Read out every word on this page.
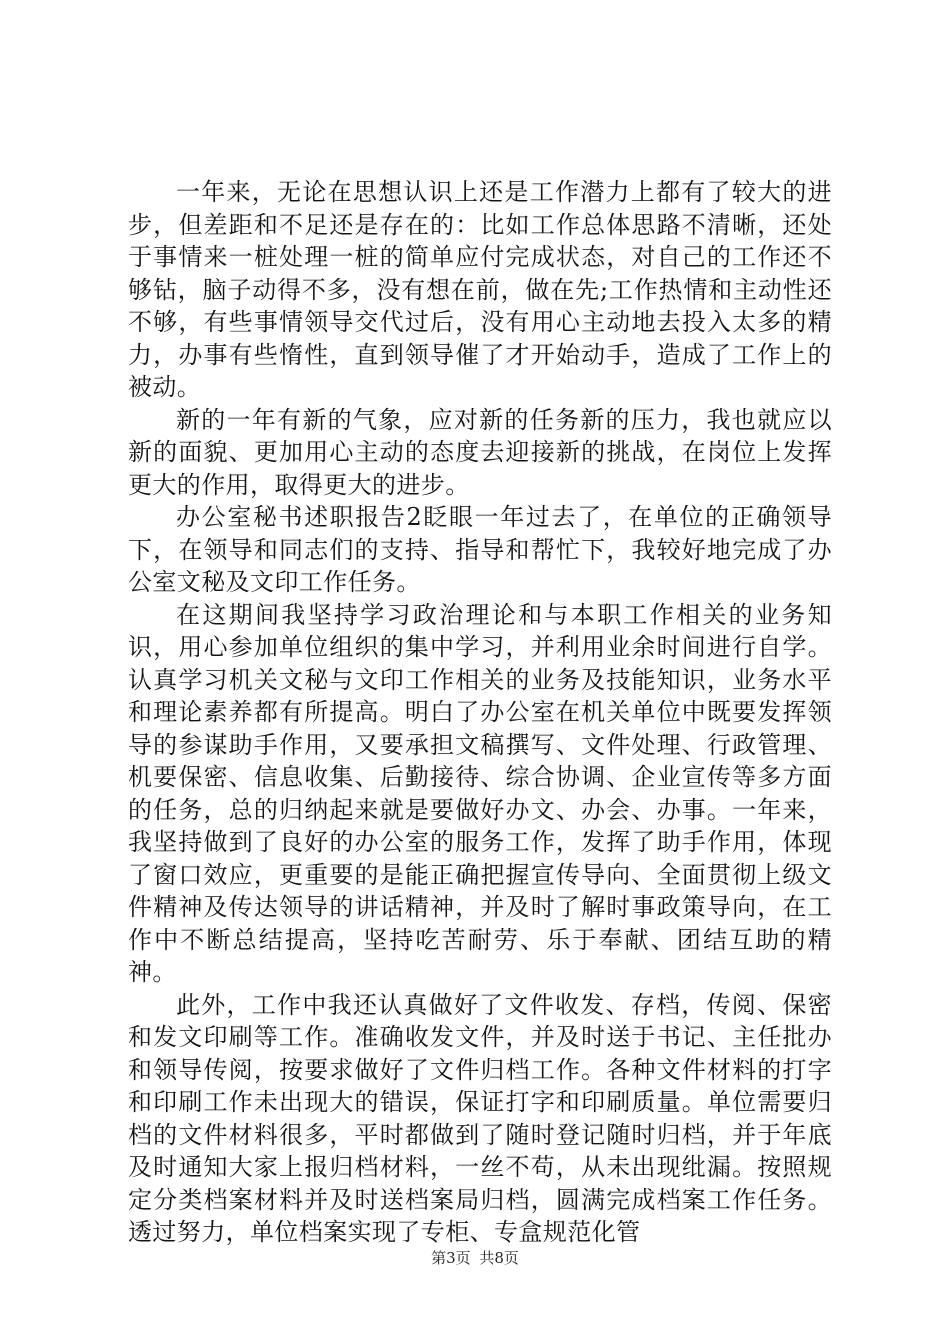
一年来，无论在思想认识上还是工作潜力上都有了较大的进步，但差距和不足还是存在的：比如工作总体思路不清晰，还处于事情来一桩处理一桩的简单应付完成状态，对自己的工作还不够钻，脑子动得不多，没有想在前，做在先;工作热情和主动性还不够，有些事情领导交代过后，没有用心主动地去投入太多的精力，办事有些惰性，直到领导催了才开始动手，造成了工作上的被动。

新的一年有新的气象，应对新的任务新的压力，我也就应以新的面貌、更加用心主动的态度去迎接新的挑战，在岗位上发挥更大的作用，取得更大的进步。

办公室秘书述职报告2眨眼一年过去了，在单位的正确领导下，在领导和同志们的支持、指导和帮忙下，我较好地完成了办公室文秘及文印工作任务。

在这期间我坚持学习政治理论和与本职工作相关的业务知识，用心参加单位组织的集中学习，并利用业余时间进行自学。认真学习机关文秘与文印工作相关的业务及技能知识，业务水平和理论素养都有所提高。明白了办公室在机关单位中既要发挥领导的参谋助手作用，又要承担文稿撰写、文件处理、行政管理、机要保密、信息收集、后勤接待、综合协调、企业宣传等多方面的任务，总的归纳起来就是要做好办文、办会、办事。一年来，我坚持做到了良好的办公室的服务工作，发挥了助手作用，体现了窗口效应，更重要的是能正确把握宣传导向、全面贯彻上级文件精神及传达领导的讲话精神，并及时了解时事政策导向，在工作中不断总结提高，坚持吃苦耐劳、乐于奉献、团结互助的精神。

此外，工作中我还认真做好了文件收发、存档，传阅、保密和发文印刷等工作。准确收发文件，并及时送于书记、主任批办和领导传阅，按要求做好了文件归档工作。各种文件材料的打字和印刷工作未出现大的错误，保证打字和印刷质量。单位需要归档的文件材料很多，平时都做到了随时登记随时归档，并于年底及时通知大家上报归档材料，一丝不苟，从未出现纰漏。按照规定分类档案材料并及时送档案局归档，圆满完成档案工作任务。透过努力，单位档案实现了专柜、专盒规范化管

第3页 共8页
